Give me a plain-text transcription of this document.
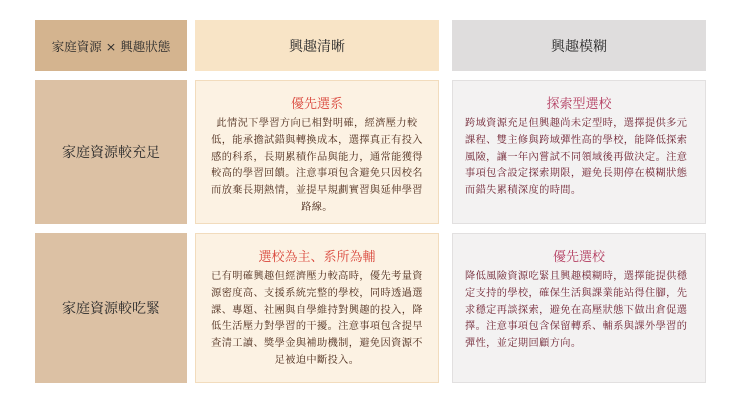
家庭資源 × 興趣狀態	興趣清晰	興趣模糊
家庭資源較充足
優先選系
此情況下學習方向已相對明確，經濟壓力較低，能承擔試錯與轉換成本，選擇真正有投入感的科系，長期累積作品與能力，通常能獲得較高的學習回饋。注意事項包含避免只因校名而放棄長期熱情，並提早規劃實習與延伸學習路線。
探索型選校
跨域資源充足但興趣尚未定型時，選擇提供多元課程、雙主修與跨域彈性高的學校，能降低探索風險，讓一年內嘗試不同領域後再做決定。注意事項包含設定探索期限，避免長期停在模糊狀態而錯失累積深度的時間。
家庭資源較吃緊
選校為主、系所為輔
已有明確興趣但經濟壓力較高時，優先考量資源密度高、支援系統完整的學校，同時透過選課、專題、社團與自學維持對興趣的投入，降低生活壓力對學習的干擾。注意事項包含提早查清工讀、獎學金與補助機制，避免因資源不足被迫中斷投入。
優先選校
降低風險資源吃緊且興趣模糊時，選擇能提供穩定支持的學校，確保生活與課業能站得住腳，先求穩定再談探索，避免在高壓狀態下做出倉促選擇。注意事項包含保留轉系、輔系與課外學習的彈性，並定期回顧方向。
